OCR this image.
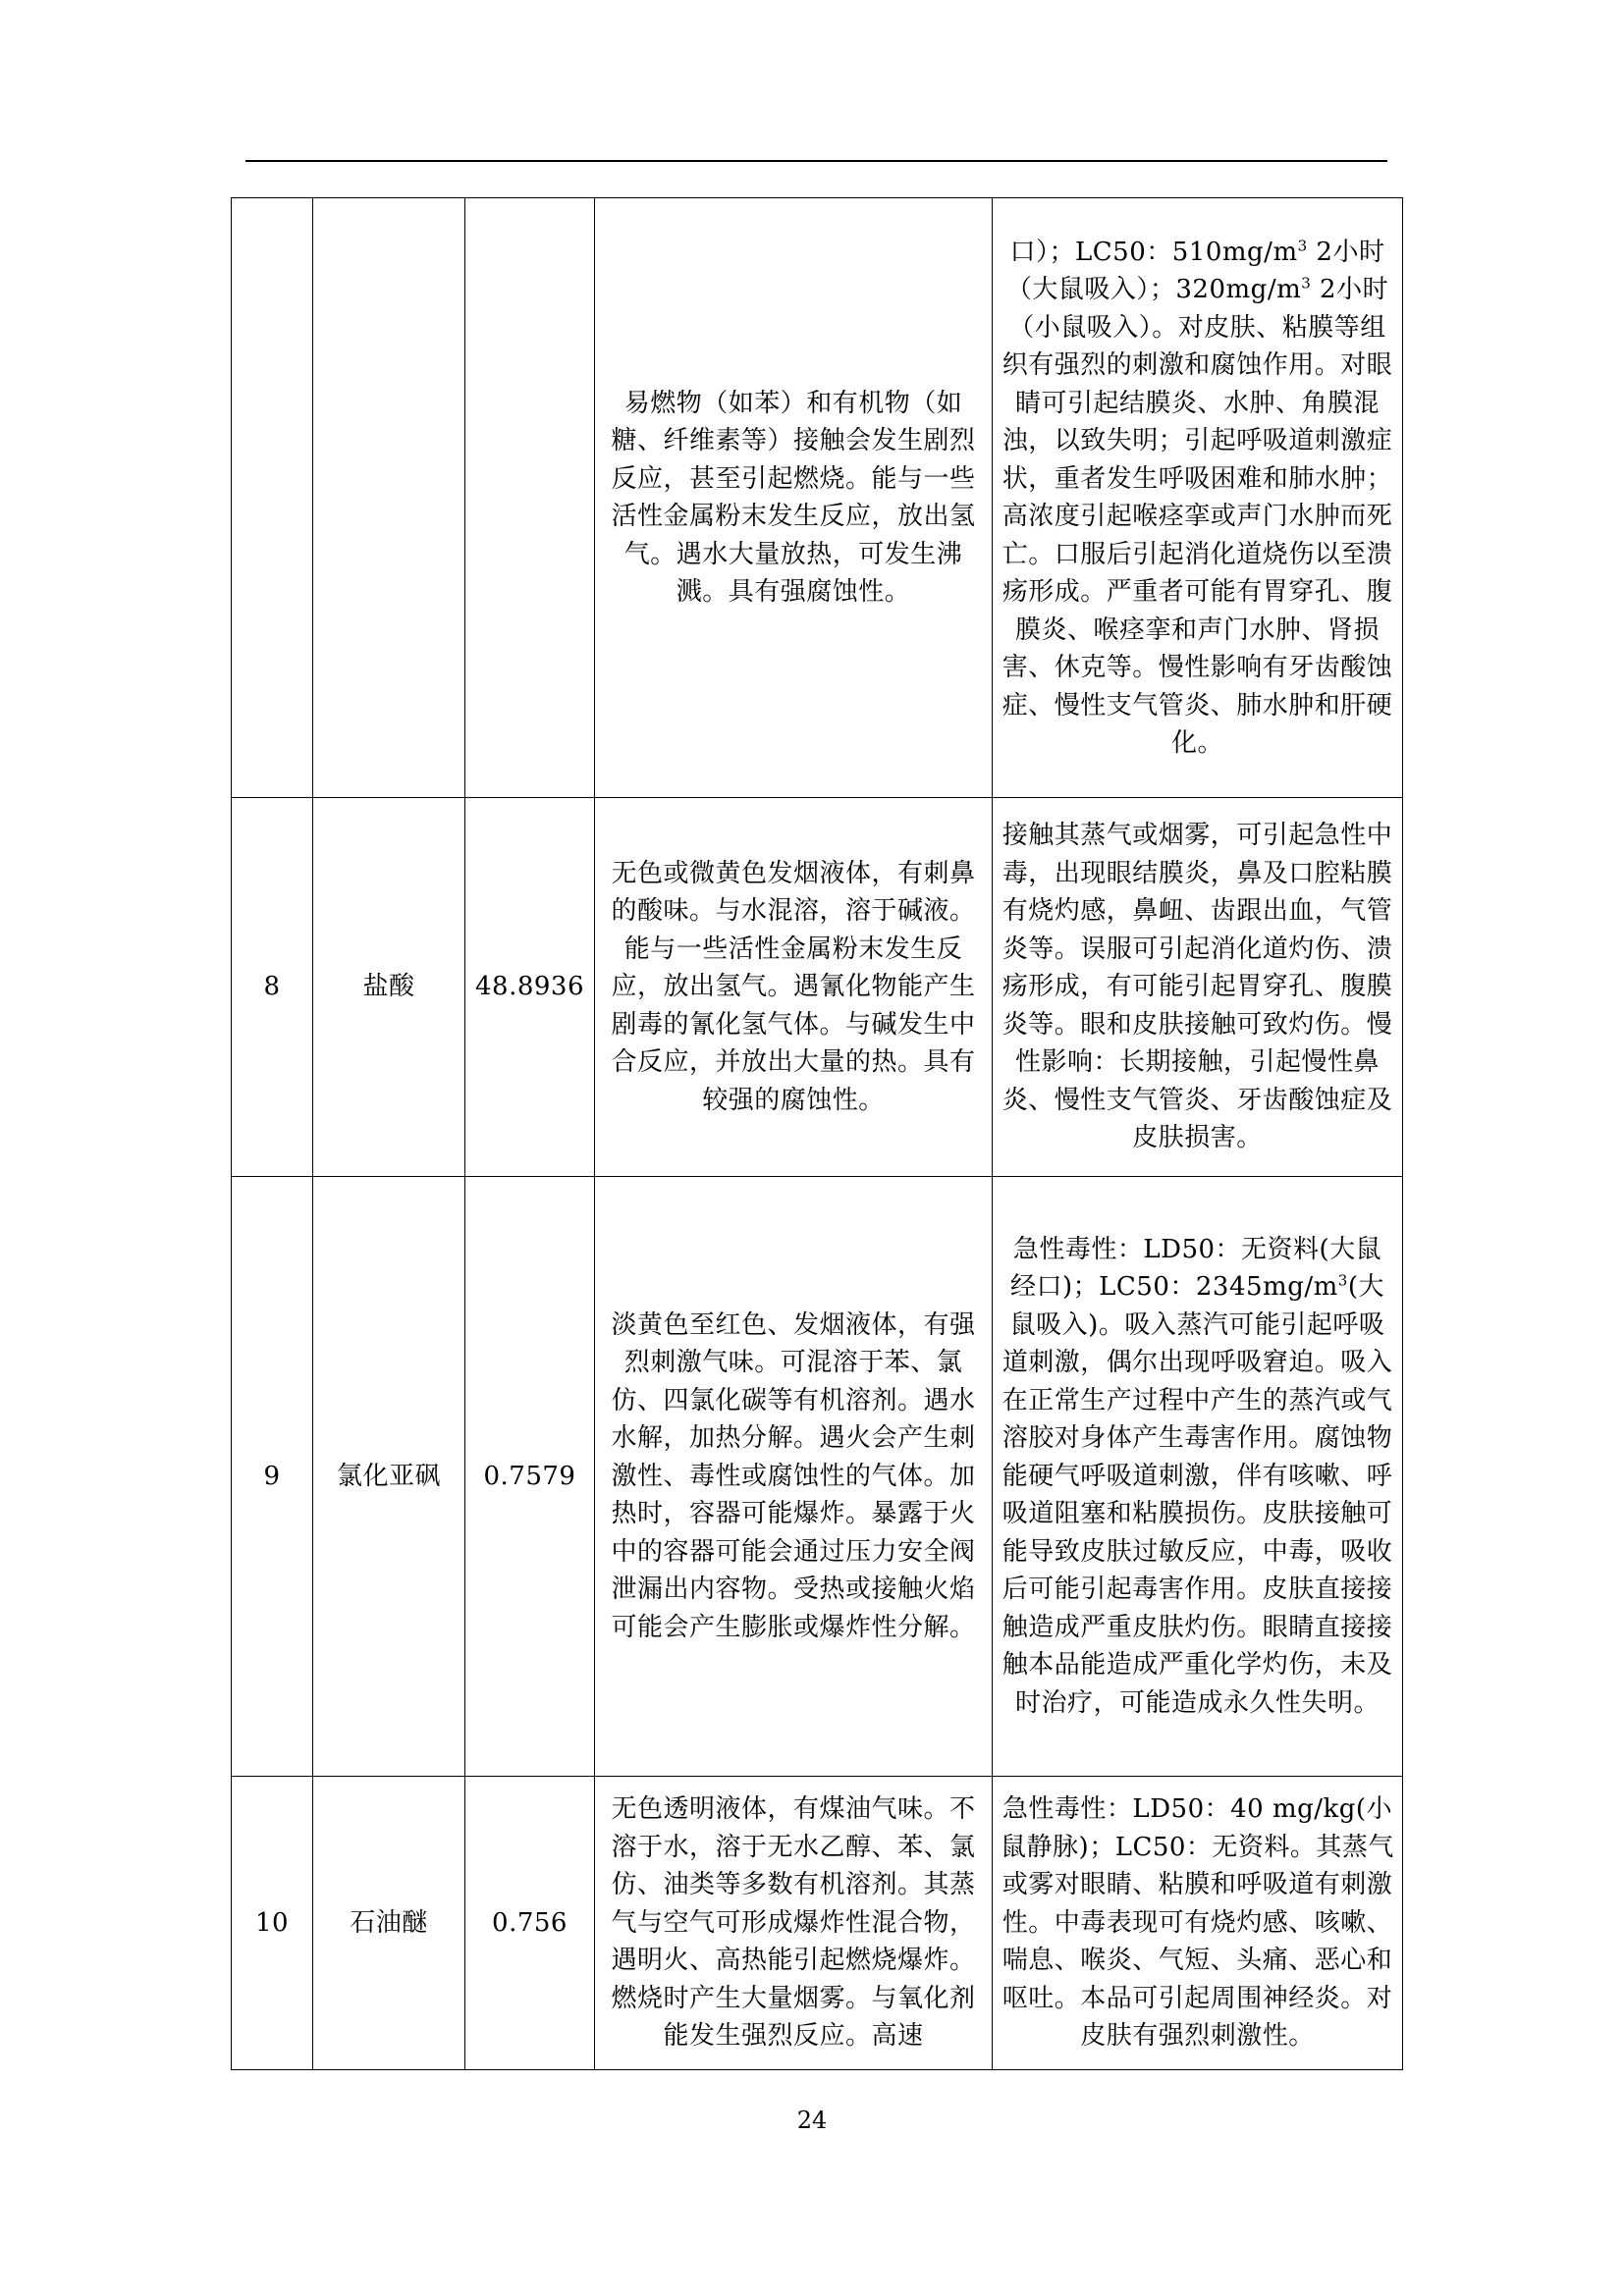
			易燃物（如苯）和有机物（如糖、纤维素等）接触会发生剧烈反应，甚至引起燃烧。能与一些活性金属粉末发生反应，放出氢气。遇水大量放热，可发生沸溅。具有强腐蚀性。	口）；LC50：$510mg/m^3$ 2小时（大鼠吸入）；$320mg/m^3$ 2小时（小鼠吸入）。对皮肤、粘膜等组织有强烈的刺激和腐蚀作用。对眼睛可引起结膜炎、水肿、角膜混浊，以致失明；引起呼吸道刺激症状，重者发生呼吸困难和肺水肿；高浓度引起喉痉挛或声门水肿而死亡。口服后引起消化道烧伤以至溃疡形成。严重者可能有胃穿孔、腹膜炎、喉痉挛和声门水肿、肾损害、休克等。慢性影响有牙齿酸蚀症、慢性支气管炎、肺水肿和肝硬化。

8	盐酸	48.8936	无色或微黄色发烟液体，有刺鼻的酸味。与水混溶，溶于碱液。能与一些活性金属粉末发生反应，放出氢气。遇氰化物能产生剧毒的氰化氢气体。与碱发生中合反应，并放出大量的热。具有较强的腐蚀性。	接触其蒸气或烟雾，可引起急性中毒，出现眼结膜炎，鼻及口腔粘膜有烧灼感，鼻衄、齿跟出血，气管炎等。误服可引起消化道灼伤、溃疡形成，有可能引起胃穿孔、腹膜炎等。眼和皮肤接触可致灼伤。慢性影响：长期接触，引起慢性鼻炎、慢性支气管炎、牙齿酸蚀症及皮肤损害。

9	氯化亚砜	0.7579	淡黄色至红色、发烟液体，有强烈刺激气味。可混溶于苯、氯仿、四氯化碳等有机溶剂。遇水水解，加热分解。遇火会产生刺激性、毒性或腐蚀性的气体。加热时，容器可能爆炸。暴露于火中的容器可能会通过压力安全阀泄漏出内容物。受热或接触火焰可能会产生膨胀或爆炸性分解。	急性毒性：LD50：无资料(大鼠经口)；LC50：$2345mg/m^3$(大鼠吸入)。吸入蒸汽可能引起呼吸道刺激，偶尔出现呼吸窘迫。吸入在正常生产过程中产生的蒸汽或气溶胶对身体产生毒害作用。腐蚀物能硬气呼吸道刺激，伴有咳嗽、呼吸道阻塞和粘膜损伤。皮肤接触可能导致皮肤过敏反应，中毒，吸收后可能引起毒害作用。皮肤直接接触造成严重皮肤灼伤。眼睛直接接触本品能造成严重化学灼伤，未及时治疗，可能造成永久性失明。

10	石油醚	0.756	无色透明液体，有煤油气味。不溶于水，溶于无水乙醇、苯、氯仿、油类等多数有机溶剂。其蒸气与空气可形成爆炸性混合物，遇明火、高热能引起燃烧爆炸。燃烧时产生大量烟雾。与氧化剂能发生强烈反应。高速	急性毒性：LD50：40 mg/kg(小鼠静脉)；LC50：无资料。其蒸气或雾对眼睛、粘膜和呼吸道有刺激性。中毒表现可有烧灼感、咳嗽、喘息、喉炎、气短、头痛、恶心和呕吐。本品可引起周围神经炎。对皮肤有强烈刺激性。
24
